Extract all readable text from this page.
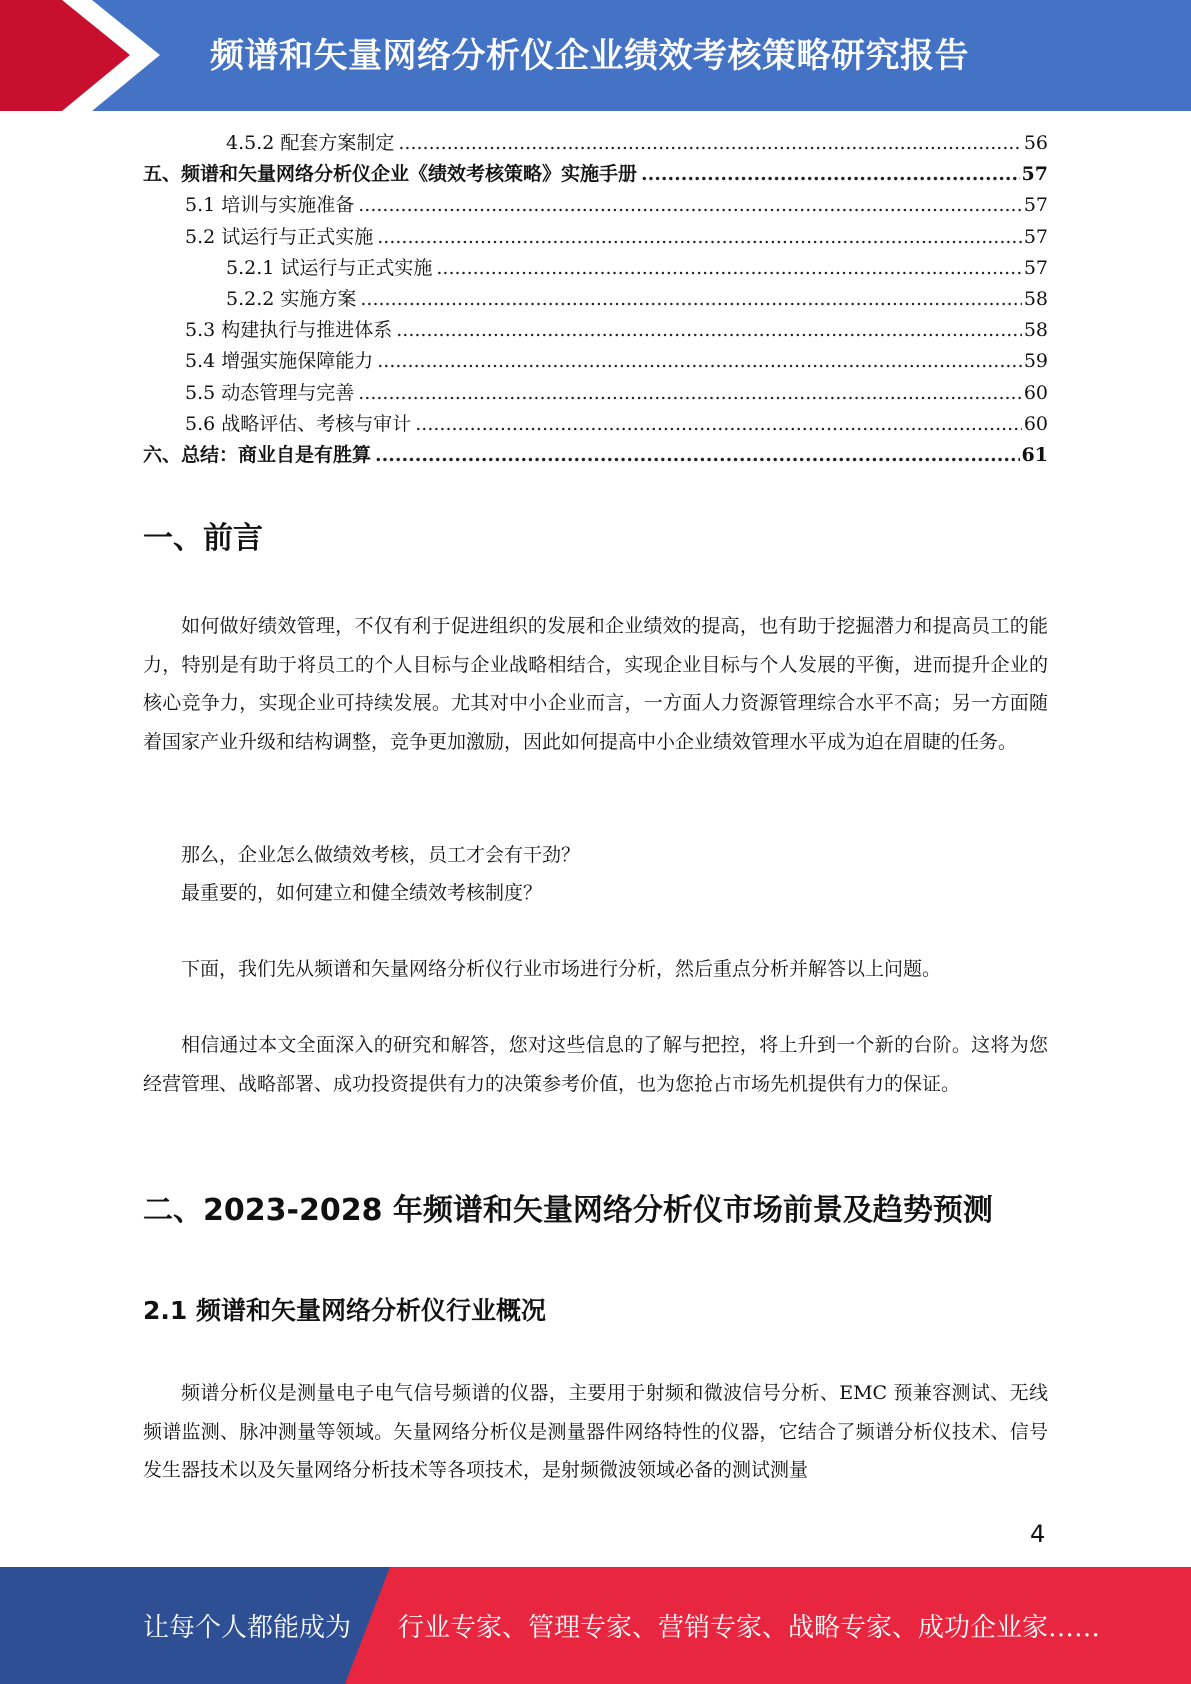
频谱和矢量网络分析仪企业绩效考核策略研究报告
4.5.2 配套方案制定 .....	56
五、频谱和矢量网络分析仪企业《绩效考核策略》实施手册 .....	57
5.1 培训与实施准备 .....	57
5.2 试运行与正式实施 .....	57
5.2.1 试运行与正式实施 .....	57
5.2.2 实施方案 .....	58
5.3 构建执行与推进体系 .....	58
5.4 增强实施保障能力 .....	59
5.5 动态管理与完善 .....	60
5.6 战略评估、考核与审计 .....	60
六、总结：商业自是有胜算 .....	61
一、前言

如何做好绩效管理，不仅有利于促进组织的发展和企业绩效的提高，也有助于挖掘潜力和提高员工的能力，特别是有助于将员工的个人目标与企业战略相结合，实现企业目标与个人发展的平衡，进而提升企业的核心竞争力，实现企业可持续发展。尤其对中小企业而言，一方面人力资源管理综合水平不高；另一方面随着国家产业升级和结构调整，竞争更加激励，因此如何提高中小企业绩效管理水平成为迫在眉睫的任务。

那么，企业怎么做绩效考核，员工才会有干劲？

最重要的，如何建立和健全绩效考核制度？

下面，我们先从频谱和矢量网络分析仪行业市场进行分析，然后重点分析并解答以上问题。

相信通过本文全面深入的研究和解答，您对这些信息的了解与把控，将上升到一个新的台阶。这将为您经营管理、战略部署、成功投资提供有力的决策参考价值，也为您抢占市场先机提供有力的保证。

二、2023-2028 年频谱和矢量网络分析仪市场前景及趋势预测
2.1 频谱和矢量网络分析仪行业概况

频谱分析仪是测量电子电气信号频谱的仪器，主要用于射频和微波信号分析、EMC 预兼容测试、无线频谱监测、脉冲测量等领域。矢量网络分析仪是测量器件网络特性的仪器，它结合了频谱分析仪技术、信号发生器技术以及矢量网络分析技术等各项技术，是射频微波领域必备的测试测量

4
让每个人都能成为 行业专家、管理专家、营销专家、战略专家、成功企业家……
